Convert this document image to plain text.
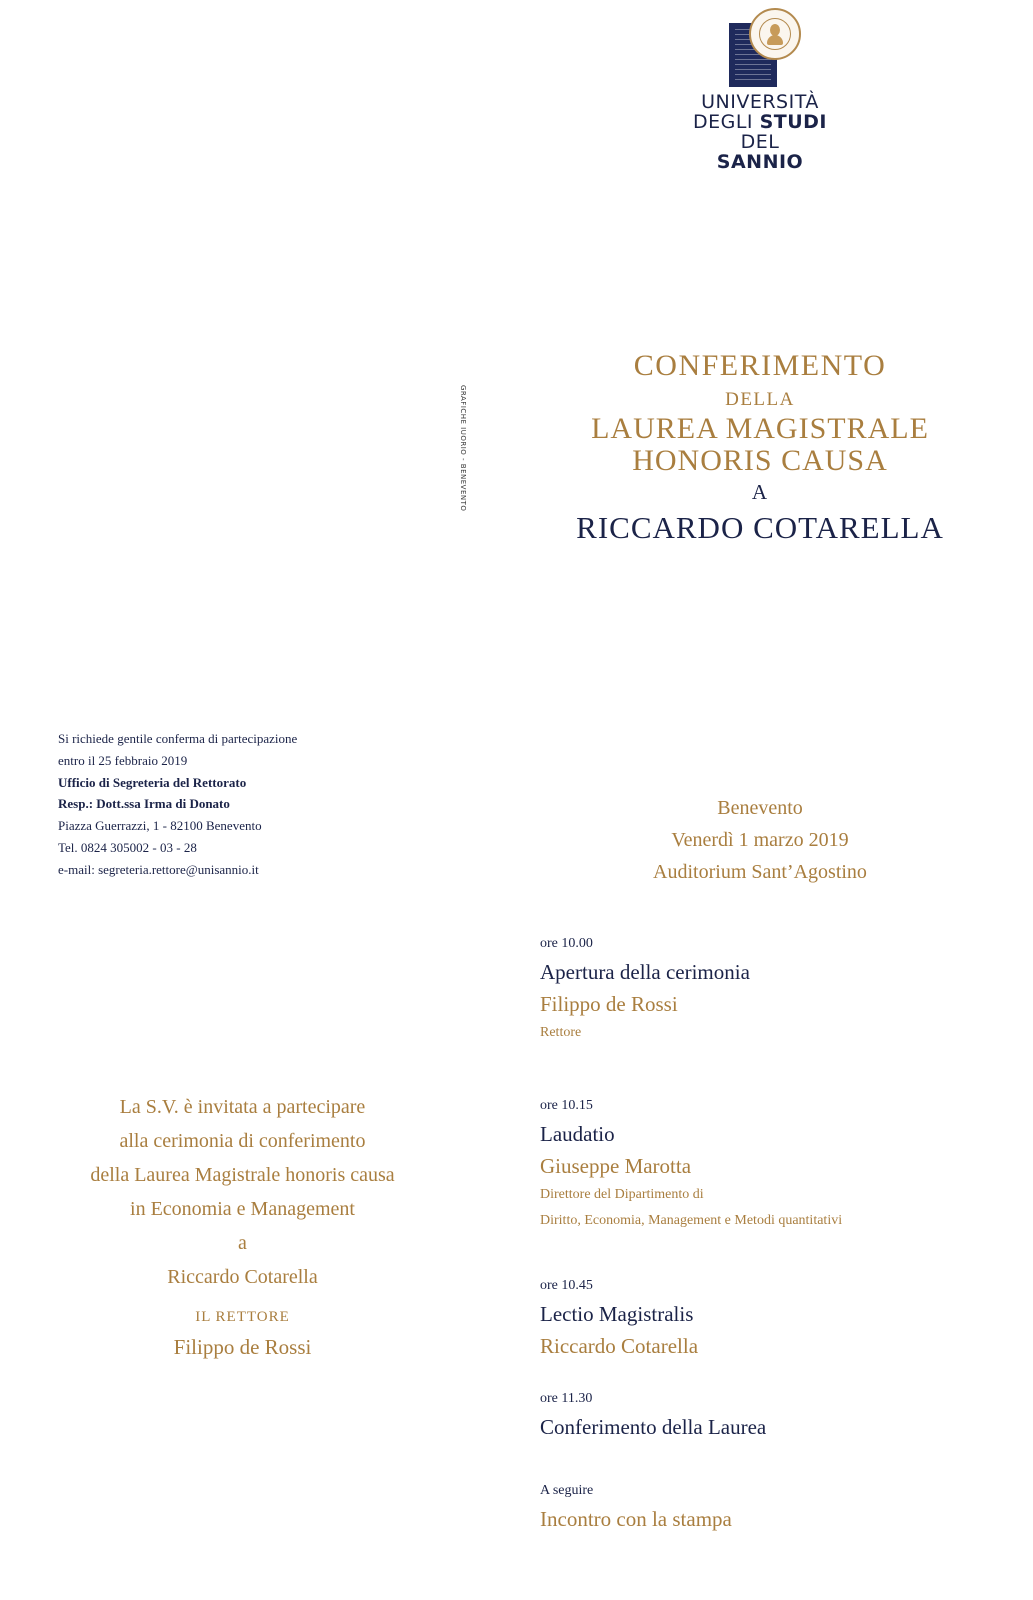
UNIVERSITÀ
DEGLI STUDI
DEL
SANNIO
GRAFICHE IUORIO - BENEVENTO
CONFERIMENTO
DELLA
LAUREA MAGISTRALE
HONORIS CAUSA
A
RICCARDO COTARELLA
Si richiede gentile conferma di partecipazione
entro il 25 febbraio 2019
Ufficio di Segreteria del Rettorato
Resp.: Dott.ssa Irma di Donato
Piazza Guerrazzi, 1 - 82100 Benevento
Tel. 0824 305002 - 03 - 28
e-mail: segreteria.rettore@unisannio.it
Benevento
Venerdì 1 marzo 2019
Auditorium Sant’Agostino
La S.V. è invitata a partecipare
alla cerimonia di conferimento
della Laurea Magistrale honoris causa
in Economia e Management
a
Riccardo Cotarella
IL RETTORE
Filippo de Rossi
ore 10.00
Apertura della cerimonia
Filippo de Rossi
Rettore
ore 10.15
Laudatio
Giuseppe Marotta
Direttore del Dipartimento di
Diritto, Economia, Management e Metodi quantitativi
ore 10.45
Lectio Magistralis
Riccardo Cotarella
ore 11.30
Conferimento della Laurea
A seguire
Incontro con la stampa
